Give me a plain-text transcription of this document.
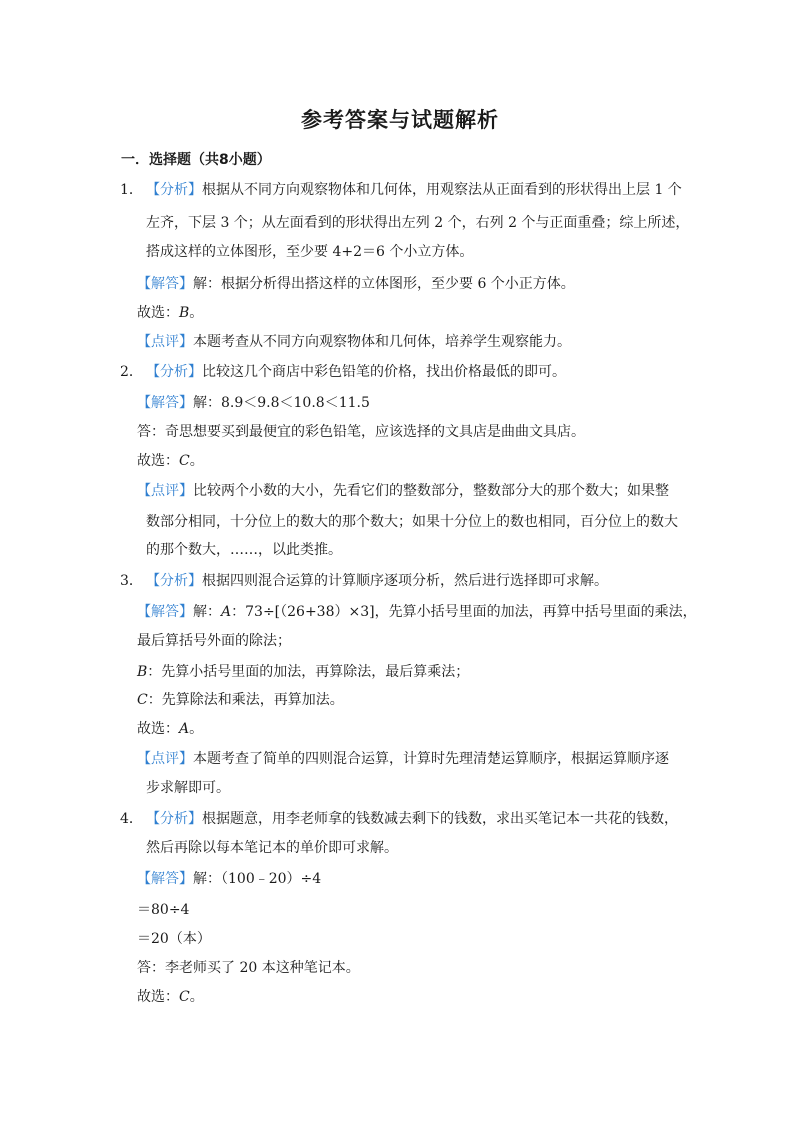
参考答案与试题解析
一．选择题（共8小题）
1．
2．
3．
4．

【分析】根据从不同方向观察物体和几何体，用观察法从正面看到的形状得出上层 1 个

左齐，下层 3 个；从左面看到的形状得出左列 2 个，右列 2 个与正面重叠；综上所述，

搭成这样的立体图形，至少要 4+2＝6 个小立方体。

【解答】解：根据分析得出搭这样的立体图形，至少要 6 个小正方体。

故选：B。

【点评】本题考查从不同方向观察物体和几何体，培养学生观察能力。

【分析】比较这几个商店中彩色铅笔的价格，找出价格最低的即可。

【解答】解：8.9＜9.8＜10.8＜11.5

答：奇思想要买到最便宜的彩色铅笔，应该选择的文具店是曲曲文具店。

故选：C。

【点评】比较两个小数的大小，先看它们的整数部分，整数部分大的那个数大；如果整

数部分相同，十分位上的数大的那个数大；如果十分位上的数也相同，百分位上的数大

的那个数大，……，以此类推。

【分析】根据四则混合运算的计算顺序逐项分析，然后进行选择即可求解。

【解答】解：A：73÷[（26+38）×3]，先算小括号里面的加法，再算中括号里面的乘法，

最后算括号外面的除法；

B：先算小括号里面的加法，再算除法，最后算乘法；

C：先算除法和乘法，再算加法。

故选：A。

【点评】本题考查了简单的四则混合运算，计算时先理清楚运算顺序，根据运算顺序逐

步求解即可。

【分析】根据题意，用李老师拿的钱数减去剩下的钱数，求出买笔记本一共花的钱数，

然后再除以每本笔记本的单价即可求解。

【解答】解：（100﹣20）÷4

＝80÷4

＝20（本）

答：李老师买了 20 本这种笔记本。

故选：C。
